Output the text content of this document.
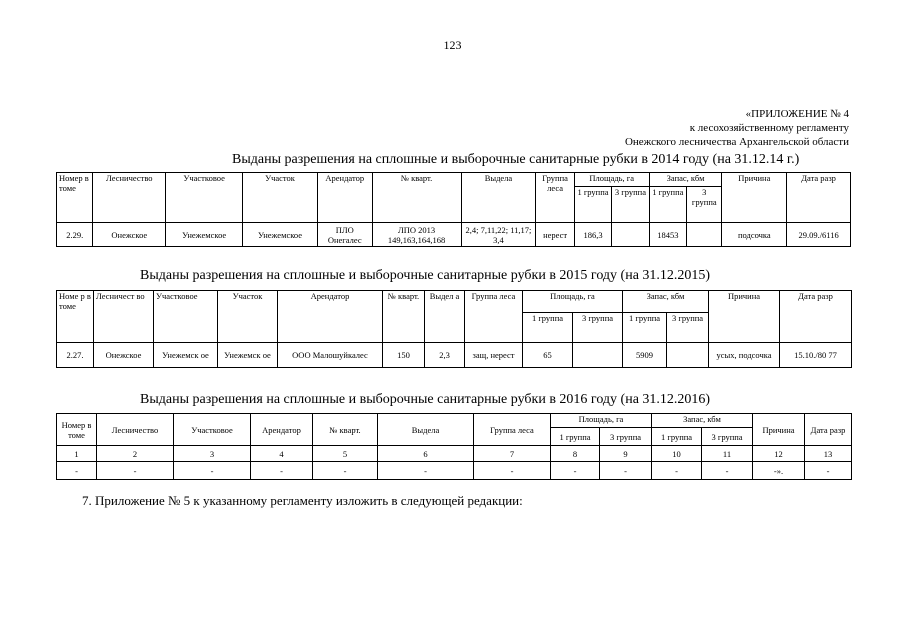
123
«ПРИЛОЖЕНИЕ № 4
к лесохозяйственному регламенту
Онежского лесничества Архангельской области
Выданы разрешения на сплошные и выборочные санитарные рубки в 2014 году (на 31.12.14 г.)
Номер в томе	Лесничество	Участковое	Участок	Арендатор	№ кварт.	Выдела	Группа леса	Площадь, га		Запас, кбм		Причина	Дата разр
								1 группа	3 группа	1 группа	3 группа		
2.29.	Онежское	Унежемское	Унежемское	ПЛО Онегалес	ЛПО 2013 149,163,164,168	2,4; 7,11,22; 11,17; 3,4	нерест	186,3		18453		подсочка	29.09./6116
Выданы разрешения на сплошные и выборочные санитарные рубки в 2015 году (на 31.12.2015)
Номе р в томе	Лесничест во	Участковое	Участок	Арендатор	№ кварт.	Выдел а	Группа леса	Площадь, га		Запас, кбм		Причина	Дата разр
								1 группа	3 группа	1 группа	3 группа		
2.27.	Онежское	Унежемск ое	Унежемск ое	ООО Малошуйкалес	150	2,3	защ, нерест	65		5909		усых, подсочка	15.10./80 77
Выданы разрешения на сплошные и выборочные санитарные рубки в 2016 году (на 31.12.2016)
Номер в томе	Лесничество	Участковое	Арендатор	№ кварт.	Выдела	Группа леса	Площадь, га		Запас, кбм		Причина	Дата разр
							1 группа	3 группа	1 группа	3 группа		
1	2	3	4	5	6	7	8	9	10	11	12	13
-	-	-	-	-	-	-	-	-	-	-	-».	-
7. Приложение № 5 к указанному регламенту изложить в следующей редакции:
